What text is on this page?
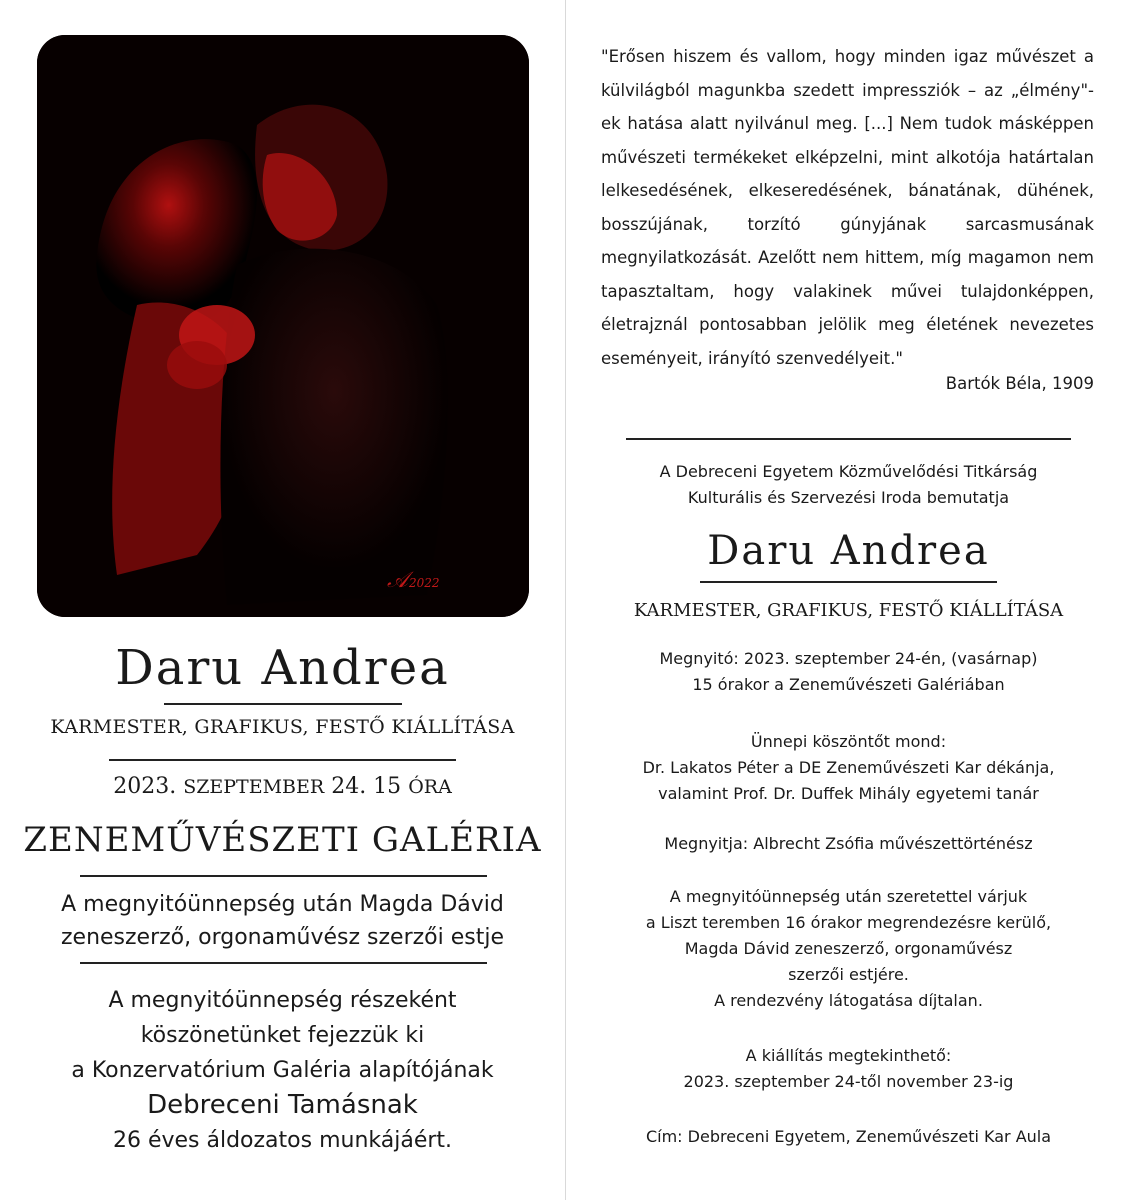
𝒜 2022
Daru Andrea
KARMESTER, GRAFIKUS, FESTŐ KIÁLLÍTÁSA
2023. SZEPTEMBER 24. 15 ÓRA
ZENEMŰVÉSZETI GALÉRIA
A megnyitóünnepség után Magda Dávid
zeneszerző, orgonaművész szerzői estje
A megnyitóünnepség részeként
köszönetünket fejezzük ki
a Konzervatórium Galéria alapítójának
Debreceni Tamásnak
26 éves áldozatos munkájáért.
"Erősen hiszem és vallom, hogy minden igaz művészet a külvilágból magunkba szedett impressziók – az „élmény"-ek hatása alatt nyilvánul meg. [...] Nem tudok másképpen művészeti termékeket elképzelni, mint alkotója határtalan lelkesedésének, elkeseredésének, bánatának, dühének, bosszújának, torzító gúnyjának sarcasmusának megnyilatkozását. Azelőtt nem hittem, míg magamon nem tapasztaltam, hogy valakinek művei tulajdonképpen, életrajznál pontosabban jelölik meg életének nevezetes eseményeit, irányító szenvedélyeit."
Bartók Béla, 1909
A Debreceni Egyetem Közművelődési Titkárság
Kulturális és Szervezési Iroda bemutatja
Daru Andrea
KARMESTER, GRAFIKUS, FESTŐ KIÁLLÍTÁSA
Megnyitó: 2023. szeptember 24-én, (vasárnap)
15 órakor a Zeneművészeti Galériában
Ünnepi köszöntőt mond:
Dr. Lakatos Péter a DE Zeneművészeti Kar dékánja,
valamint Prof. Dr. Duffek Mihály egyetemi tanár
Megnyitja: Albrecht Zsófia művészettörténész
A megnyitóünnepség után szeretettel várjuk
a Liszt teremben 16 órakor megrendezésre kerülő,
Magda Dávid zeneszerző, orgonaművész
szerzői estjére.
A rendezvény látogatása díjtalan.
A kiállítás megtekinthető:
2023. szeptember 24-től november 23-ig
Cím: Debreceni Egyetem, Zeneművészeti Kar Aula
